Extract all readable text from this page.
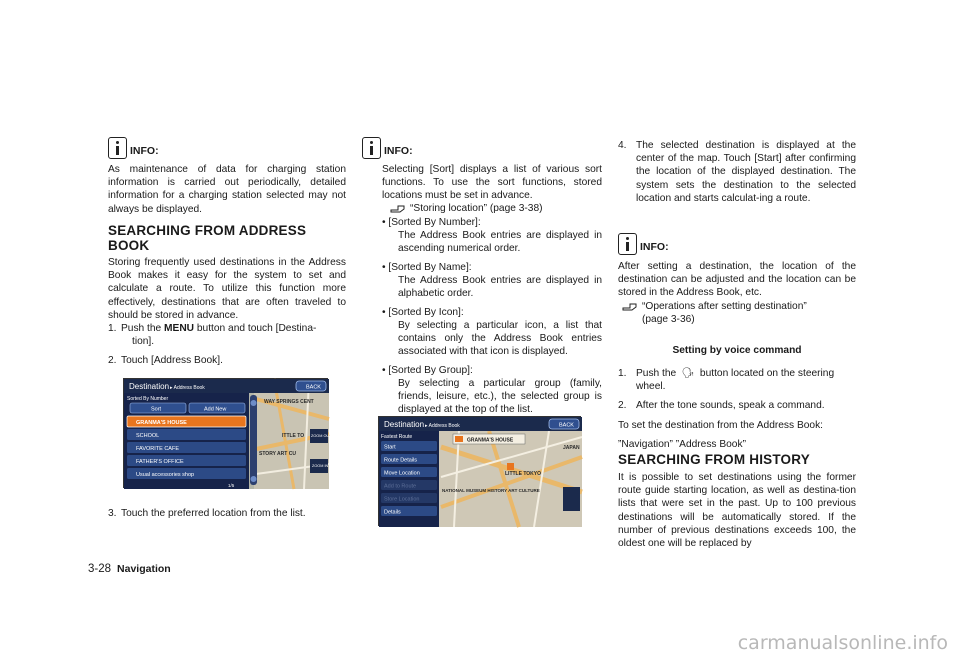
INFO:
As maintenance of data for charging station information is carried out periodically, detailed information for a charging station selected may not always be displayed.
SEARCHING FROM ADDRESS BOOK
Storing frequently used destinations in the Address Book makes it easy for the system to set and calculate a route. To utilize this function more effectively, destinations that are often traveled to should be stored in advance.
1. Push the MENU button and touch [Destina-
tion].
2. Touch [Address Book].
3. Touch the preferred location from the list.
Destination ▸ Address Book	BACK
Sorted By Number
Sort	Add New
GRANMA'S HOUSE
SCHOOL
FAVORITE CAFE
FATHER'S OFFICE
Usual accessories shop
1/5
WAY SPRINGS CENT
ITTLE TO
STORY ART CU
ZOOM OUT
ZOOM IN
INFO:
Selecting [Sort] displays a list of various sort functions. To use the sort functions, stored locations must be set in advance.
“Storing location” (page 3-38)
• [Sorted By Number]:
The Address Book entries are displayed in ascending numerical order.
• [Sorted By Name]:
The Address Book entries are displayed in alphabetic order.
• [Sorted By Icon]:
By selecting a particular icon, a list that contains only the Address Book entries associated with that icon is displayed.
• [Sorted By Group]:
By selecting a particular group (family, friends, leisure, etc.), the selected group is displayed at the top of the list.
Destination ▸ Address Book	BACK
Fastest Route
Start
Route Details
Move Location
Add to Route
Store Location
Details
GRANMA'S HOUSE
LITTLE TOKYO
JAPAN
NATIONAL MUSEUM HISTORY ART CULTURE
4. The selected destination is displayed at the center of the map. Touch [Start] after confirming the location of the displayed destination. The system sets the destination to the selected location and starts calculat-ing a route.
INFO:
After setting a destination, the location of the destination can be adjusted and the location can be stored in the Address Book, etc.
“Operations after setting destination”
(page 3-36)
Setting by voice command
1. Push the 🗣︎ button located on the steering
wheel.
2. After the tone sounds, speak a command.
To set the destination from the Address Book:
”Navigation” ”Address Book”
SEARCHING FROM HISTORY
It is possible to set destinations using the former route guide starting location, as well as destina-tion lists that were set in the past. Up to 100 previous destinations will be automatically stored. If the number of previous destinations exceeds 100, the oldest one will be replaced by
3-28 Navigation
carmanualsonline.info
